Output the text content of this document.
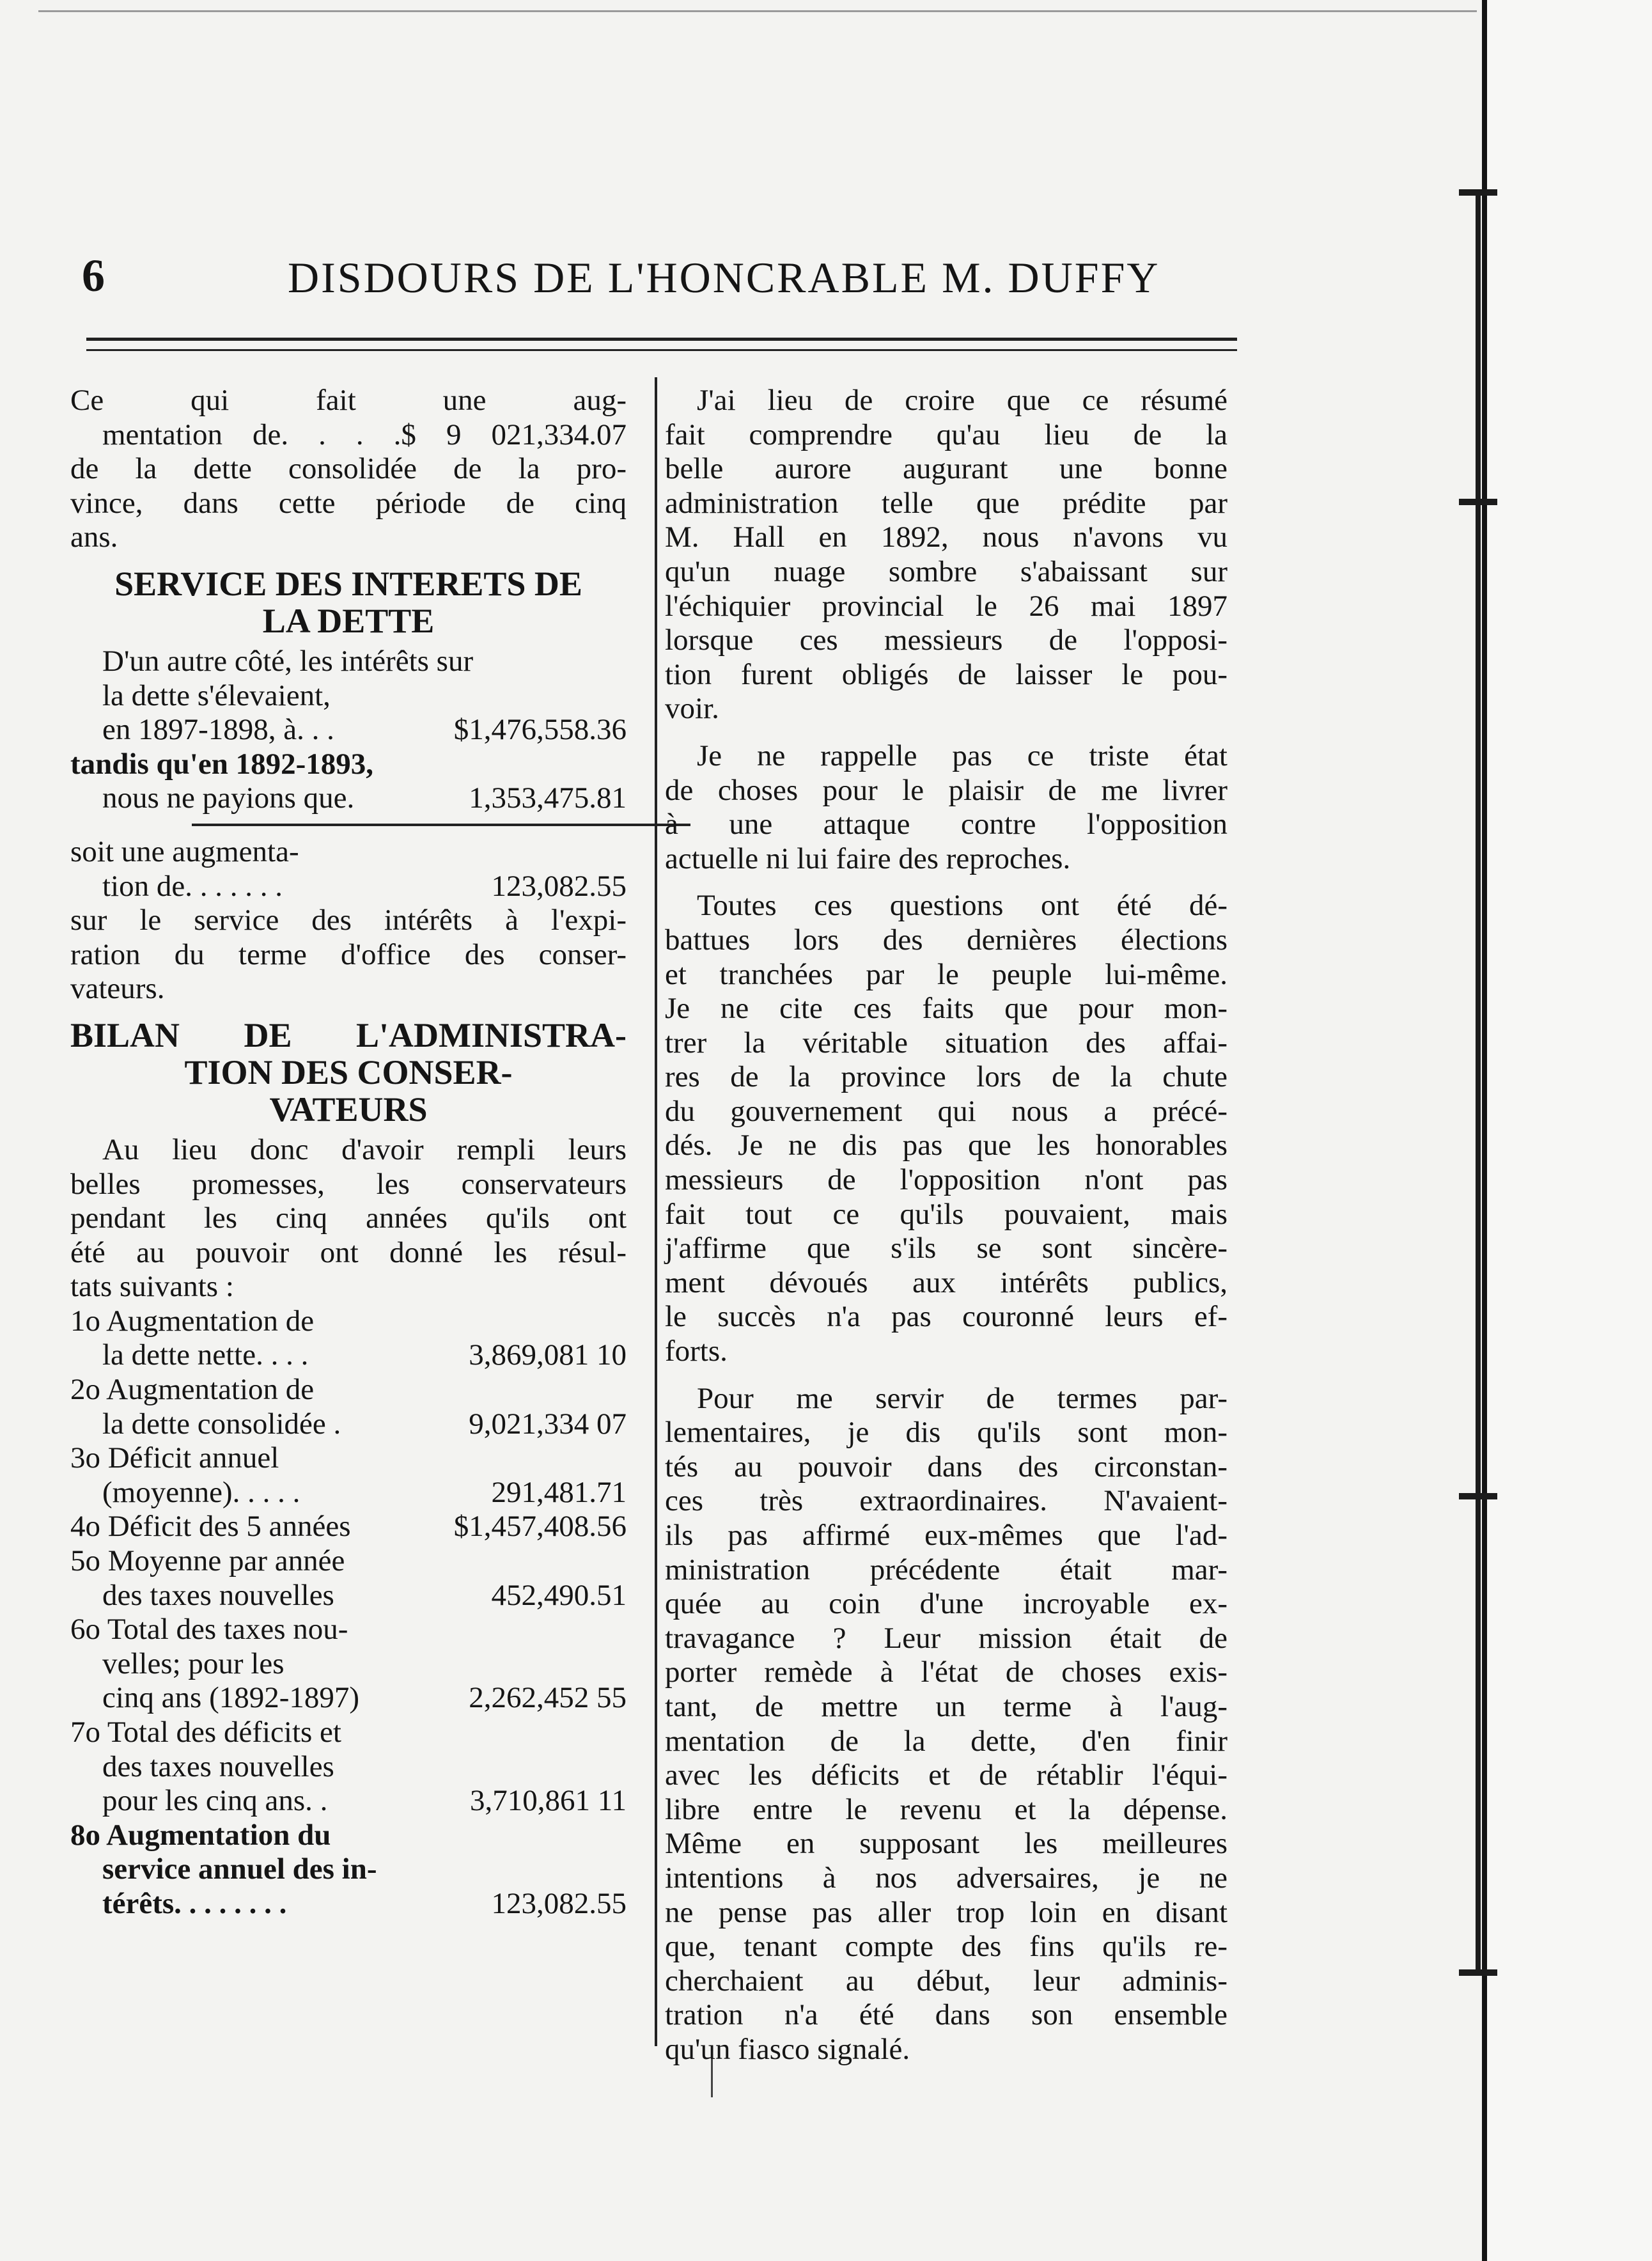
6	DISDOURS DE L'HONCRABLE M. DUFFY

Ce qui fait une aug-

mentation de. . . .$ 9 021,334.07

de la dette consolidée de la pro-

vince, dans cette période de cinq

ans.

SERVICE DES INTERETS DE
LA DETTE
D'un autre côté, les intérêts sur
la dette s'élevaient,
en 1897-1898, à. . .	$1,476,558.36
tandis qu'en 1892-1893,
nous ne payions que.	1,353,475.81
soit une augmenta-
tion de. . . . . . .	123,082.55

sur le service des intérêts à l'expi-

ration du terme d'office des conser-

vateurs.

BILAN DE L'ADMINISTRA-
TION DES CONSER-
VATEURS

Au lieu donc d'avoir rempli leurs

belles promesses, les conservateurs

pendant les cinq années qu'ils ont

été au pouvoir ont donné les résul-

tats suivants :

1o Augmentation de
la dette nette. . . .	3,869,081 10
2o Augmentation de
la dette consolidée .	9,021,334 07
3o Déficit annuel
(moyenne). . . . .	291,481.71
4o Déficit des 5 années	$1,457,408.56
5o Moyenne par année
des taxes nouvelles	452,490.51
6o Total des taxes nou-
velles; pour les
cinq ans (1892-1897)	2,262,452 55
7o Total des déficits et
des taxes nouvelles
pour les cinq ans. .	3,710,861 11
8o Augmentation du
service annuel des in-
térêts. . . . . . . .	123,082.55

J'ai lieu de croire que ce résumé

fait comprendre qu'au lieu de la

belle aurore augurant une bonne

administration telle que prédite par

M. Hall en 1892, nous n'avons vu

qu'un nuage sombre s'abaissant sur

l'échiquier provincial le 26 mai 1897

lorsque ces messieurs de l'opposi-

tion furent obligés de laisser le pou-

voir.

Je ne rappelle pas ce triste état

de choses pour le plaisir de me livrer

à une attaque contre l'opposition

actuelle ni lui faire des reproches.

Toutes ces questions ont été dé-

battues lors des dernières élections

et tranchées par le peuple lui-même.

Je ne cite ces faits que pour mon-

trer la véritable situation des affai-

res de la province lors de la chute

du gouvernement qui nous a précé-

dés. Je ne dis pas que les honorables

messieurs de l'opposition n'ont pas

fait tout ce qu'ils pouvaient, mais

j'affirme que s'ils se sont sincère-

ment dévoués aux intérêts publics,

le succès n'a pas couronné leurs ef-

forts.

Pour me servir de termes par-

lementaires, je dis qu'ils sont mon-

tés au pouvoir dans des circonstan-

ces très extraordinaires. N'avaient-

ils pas affirmé eux-mêmes que l'ad-

ministration précédente était mar-

quée au coin d'une incroyable ex-

travagance ? Leur mission était de

porter remède à l'état de choses exis-

tant, de mettre un terme à l'aug-

mentation de la dette, d'en finir

avec les déficits et de rétablir l'équi-

libre entre le revenu et la dépense.

Même en supposant les meilleures

intentions à nos adversaires, je ne

ne pense pas aller trop loin en disant

que, tenant compte des fins qu'ils re-

cherchaient au début, leur adminis-

tration n'a été dans son ensemble

qu'un fiasco signalé.
